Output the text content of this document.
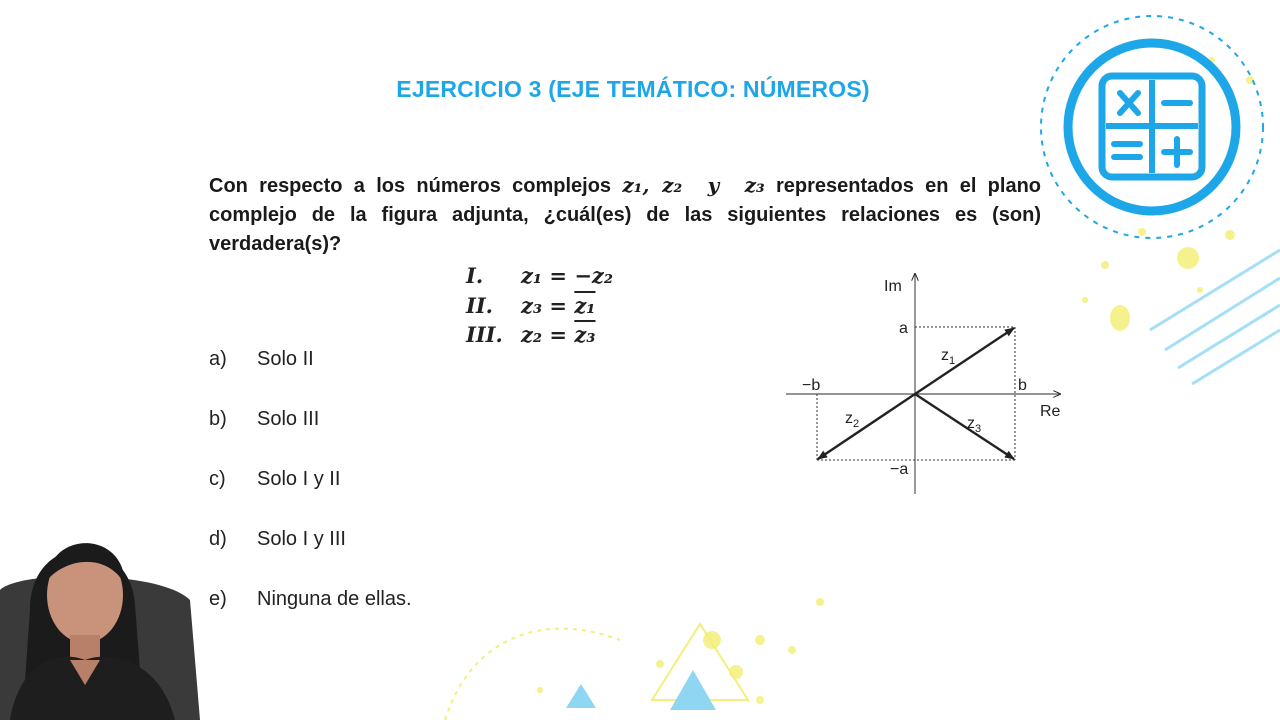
EJERCICIO 3 (EJE TEMÁTICO: NÚMEROS)
Con respecto a los números complejos z₁, z₂  y  z₃ representados en el plano complejo de la figura adjunta, ¿cuál(es) de las siguientes relaciones es (son) verdadera(s)?
I.	z₁ = −z₂
II.	z₃ = z₁
III. z₂ = z₃
a)	Solo II
b)	Solo III
c)	Solo I y II
d)	Solo I y III
e)	Ninguna de ellas.
Im
Re
a
−a
b
−b
$z_1$
$z_2$	$z_3$
